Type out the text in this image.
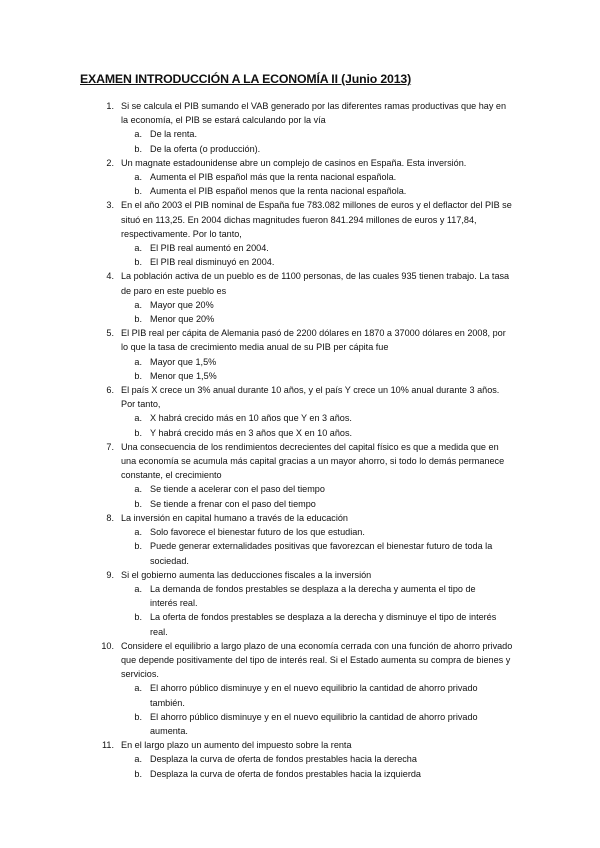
EXAMEN INTRODUCCIÓN A LA ECONOMÍA II (Junio 2013)
1. Si se calcula el PIB sumando el VAB generado por las diferentes ramas productivas que hay en la economía, el PIB se estará calculando por la vía
a. De la renta.
b. De la oferta (o producción).
2. Un magnate estadounidense abre un complejo de casinos en España. Esta inversión.
a. Aumenta el PIB español más que la renta nacional española.
b. Aumenta el PIB español menos que la renta nacional española.
3. En el año 2003 el PIB nominal de España fue 783.082 millones de euros y el deflactor del PIB se situó en 113,25. En 2004 dichas magnitudes fueron 841.294 millones de euros y 117,84, respectivamente. Por lo tanto,
a. El PIB real aumentó en 2004.
b. El PIB real disminuyó en 2004.
4. La población activa de un pueblo es de 1100 personas, de las cuales 935 tienen trabajo. La tasa de paro en este pueblo es
a. Mayor que 20%
b. Menor que 20%
5. El PIB real per cápita de Alemania pasó de 2200 dólares en 1870 a 37000 dólares en 2008, por lo que la tasa de crecimiento media anual de su PIB per cápita fue
a. Mayor que 1,5%
b. Menor que 1,5%
6. El país X crece un 3% anual durante 10 años, y el país Y crece un 10% anual durante 3 años. Por tanto,
a. X habrá crecido más en 10 años que Y en 3 años.
b. Y habrá crecido más en 3 años que X en 10 años.
7. Una consecuencia de los rendimientos decrecientes del capital físico es que a medida que en una economía se acumula más capital gracias a un mayor ahorro, si todo lo demás permanece constante, el crecimiento
a. Se tiende a acelerar con el paso del tiempo
b. Se tiende a frenar con el paso del tiempo
8. La inversión en capital humano a través de la educación
a. Solo favorece el bienestar futuro de los que estudian.
b. Puede generar externalidades positivas que favorezcan el bienestar futuro de toda la sociedad.
9. Si el gobierno aumenta las deducciones fiscales a la inversión
a. La demanda de fondos prestables se desplaza a la derecha y aumenta el tipo de interés real.
b. La oferta de fondos prestables se desplaza a la derecha y disminuye el tipo de interés real.
10. Considere el equilibrio a largo plazo de una economía cerrada con una función de ahorro privado que depende positivamente del tipo de interés real. Si el Estado aumenta su compra de bienes y servicios.
a. El ahorro público disminuye y en el nuevo equilibrio la cantidad de ahorro privado también.
b. El ahorro público disminuye y en el nuevo equilibrio la cantidad de ahorro privado aumenta.
11. En el largo plazo un aumento del impuesto sobre la renta
a. Desplaza la curva de oferta de fondos prestables hacia la derecha
b. Desplaza la curva de oferta de fondos prestables hacia la izquierda
